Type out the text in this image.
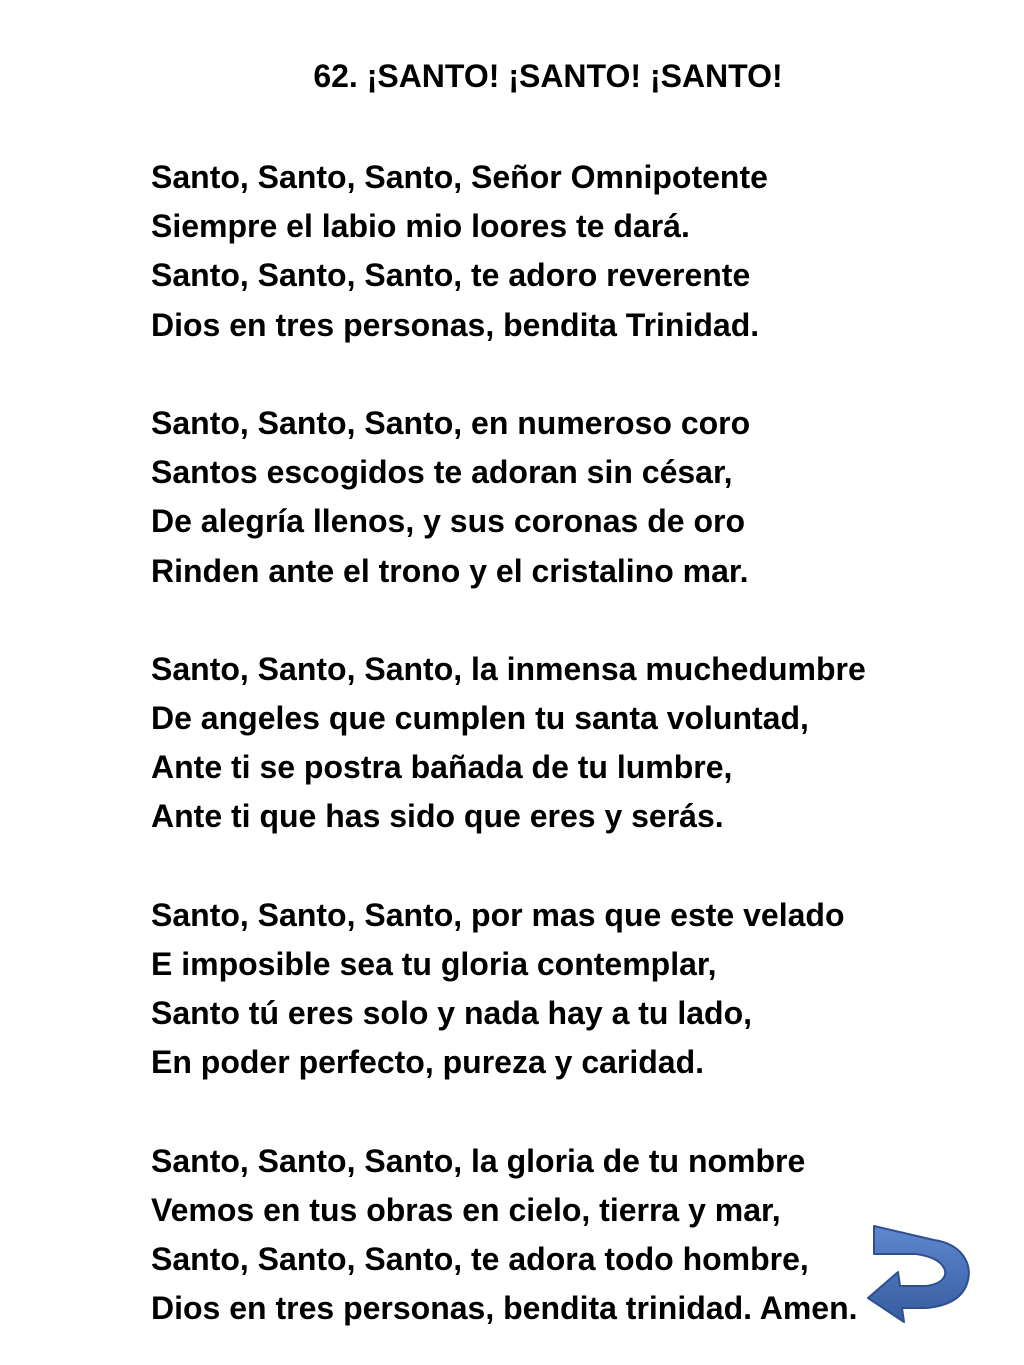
62. ¡SANTO! ¡SANTO! ¡SANTO!
Santo, Santo, Santo, Señor Omnipotente
Siempre el labio mio loores te dará.
Santo, Santo, Santo, te adoro reverente
Dios en tres personas, bendita Trinidad.
Santo, Santo, Santo, en numeroso coro
Santos escogidos te adoran sin césar,
De alegría llenos, y sus coronas de oro
Rinden ante el trono y el cristalino mar.
Santo, Santo, Santo, la inmensa muchedumbre
De angeles que cumplen tu santa voluntad,
Ante ti se postra bañada de tu lumbre,
Ante ti que has sido que eres y serás.
Santo, Santo, Santo, por mas que este velado
E imposible sea tu gloria contemplar,
Santo tú eres solo y nada hay a tu lado,
En poder perfecto, pureza y caridad.
Santo, Santo, Santo, la gloria de tu nombre
Vemos en tus obras en cielo, tierra y mar,
Santo, Santo, Santo, te adora todo hombre,
Dios en tres personas, bendita trinidad. Amen.
